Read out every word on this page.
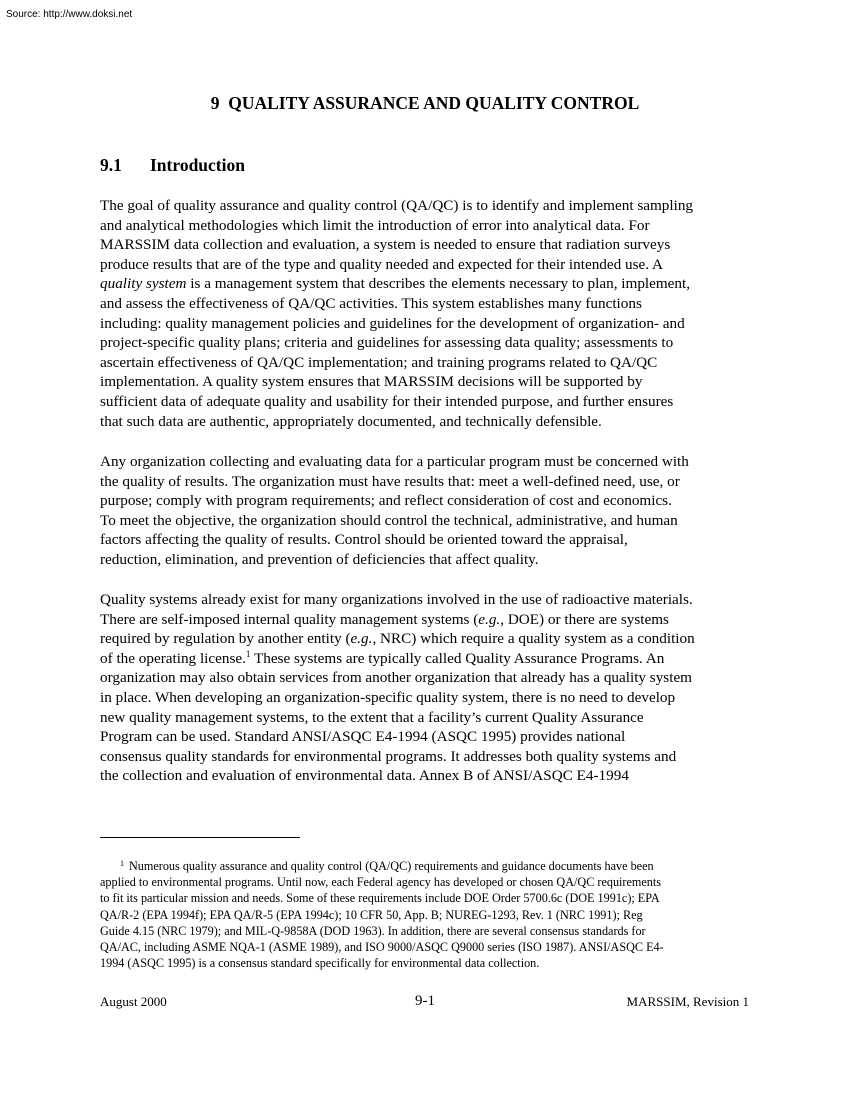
Source: http://www.doksi.net
9  QUALITY ASSURANCE AND QUALITY CONTROL
9.1 Introduction
The goal of quality assurance and quality control (QA/QC) is to identify and implement sampling
and analytical methodologies which limit the introduction of error into analytical data. For
MARSSIM data collection and evaluation, a system is needed to ensure that radiation surveys
produce results that are of the type and quality needed and expected for their intended use. A
quality system is a management system that describes the elements necessary to plan, implement,
and assess the effectiveness of QA/QC activities. This system establishes many functions
including: quality management policies and guidelines for the development of organization- and
project-specific quality plans; criteria and guidelines for assessing data quality; assessments to
ascertain effectiveness of QA/QC implementation; and training programs related to QA/QC
implementation. A quality system ensures that MARSSIM decisions will be supported by
sufficient data of adequate quality and usability for their intended purpose, and further ensures
that such data are authentic, appropriately documented, and technically defensible.
Any organization collecting and evaluating data for a particular program must be concerned with
the quality of results. The organization must have results that: meet a well-defined need, use, or
purpose; comply with program requirements; and reflect consideration of cost and economics.
To meet the objective, the organization should control the technical, administrative, and human
factors affecting the quality of results. Control should be oriented toward the appraisal,
reduction, elimination, and prevention of deficiencies that affect quality.
Quality systems already exist for many organizations involved in the use of radioactive materials.
There are self-imposed internal quality management systems (e.g., DOE) or there are systems
required by regulation by another entity (e.g., NRC) which require a quality system as a condition
of the operating license.$^1$ These systems are typically called Quality Assurance Programs. An
organization may also obtain services from another organization that already has a quality system
in place. When developing an organization-specific quality system, there is no need to develop
new quality management systems, to the extent that a facility’s current Quality Assurance
Program can be used. Standard ANSI/ASQC E4-1994 (ASQC 1995) provides national
consensus quality standards for environmental programs. It addresses both quality systems and
the collection and evaluation of environmental data. Annex B of ANSI/ASQC E4-1994
$^1$ Numerous quality assurance and quality control (QA/QC) requirements and guidance documents have been
applied to environmental programs. Until now, each Federal agency has developed or chosen QA/QC requirements
to fit its particular mission and needs. Some of these requirements include DOE Order 5700.6c (DOE 1991c); EPA
QA/R-2 (EPA 1994f); EPA QA/R-5 (EPA 1994c); 10 CFR 50, App. B; NUREG-1293, Rev. 1 (NRC 1991); Reg
Guide 4.15 (NRC 1979); and MIL-Q-9858A (DOD 1963). In addition, there are several consensus standards for
QA/AC, including ASME NQA-1 (ASME 1989), and ISO 9000/ASQC Q9000 series (ISO 1987). ANSI/ASQC E4-
1994 (ASQC 1995) is a consensus standard specifically for environmental data collection.
August 2000	9-1	MARSSIM, Revision 1
